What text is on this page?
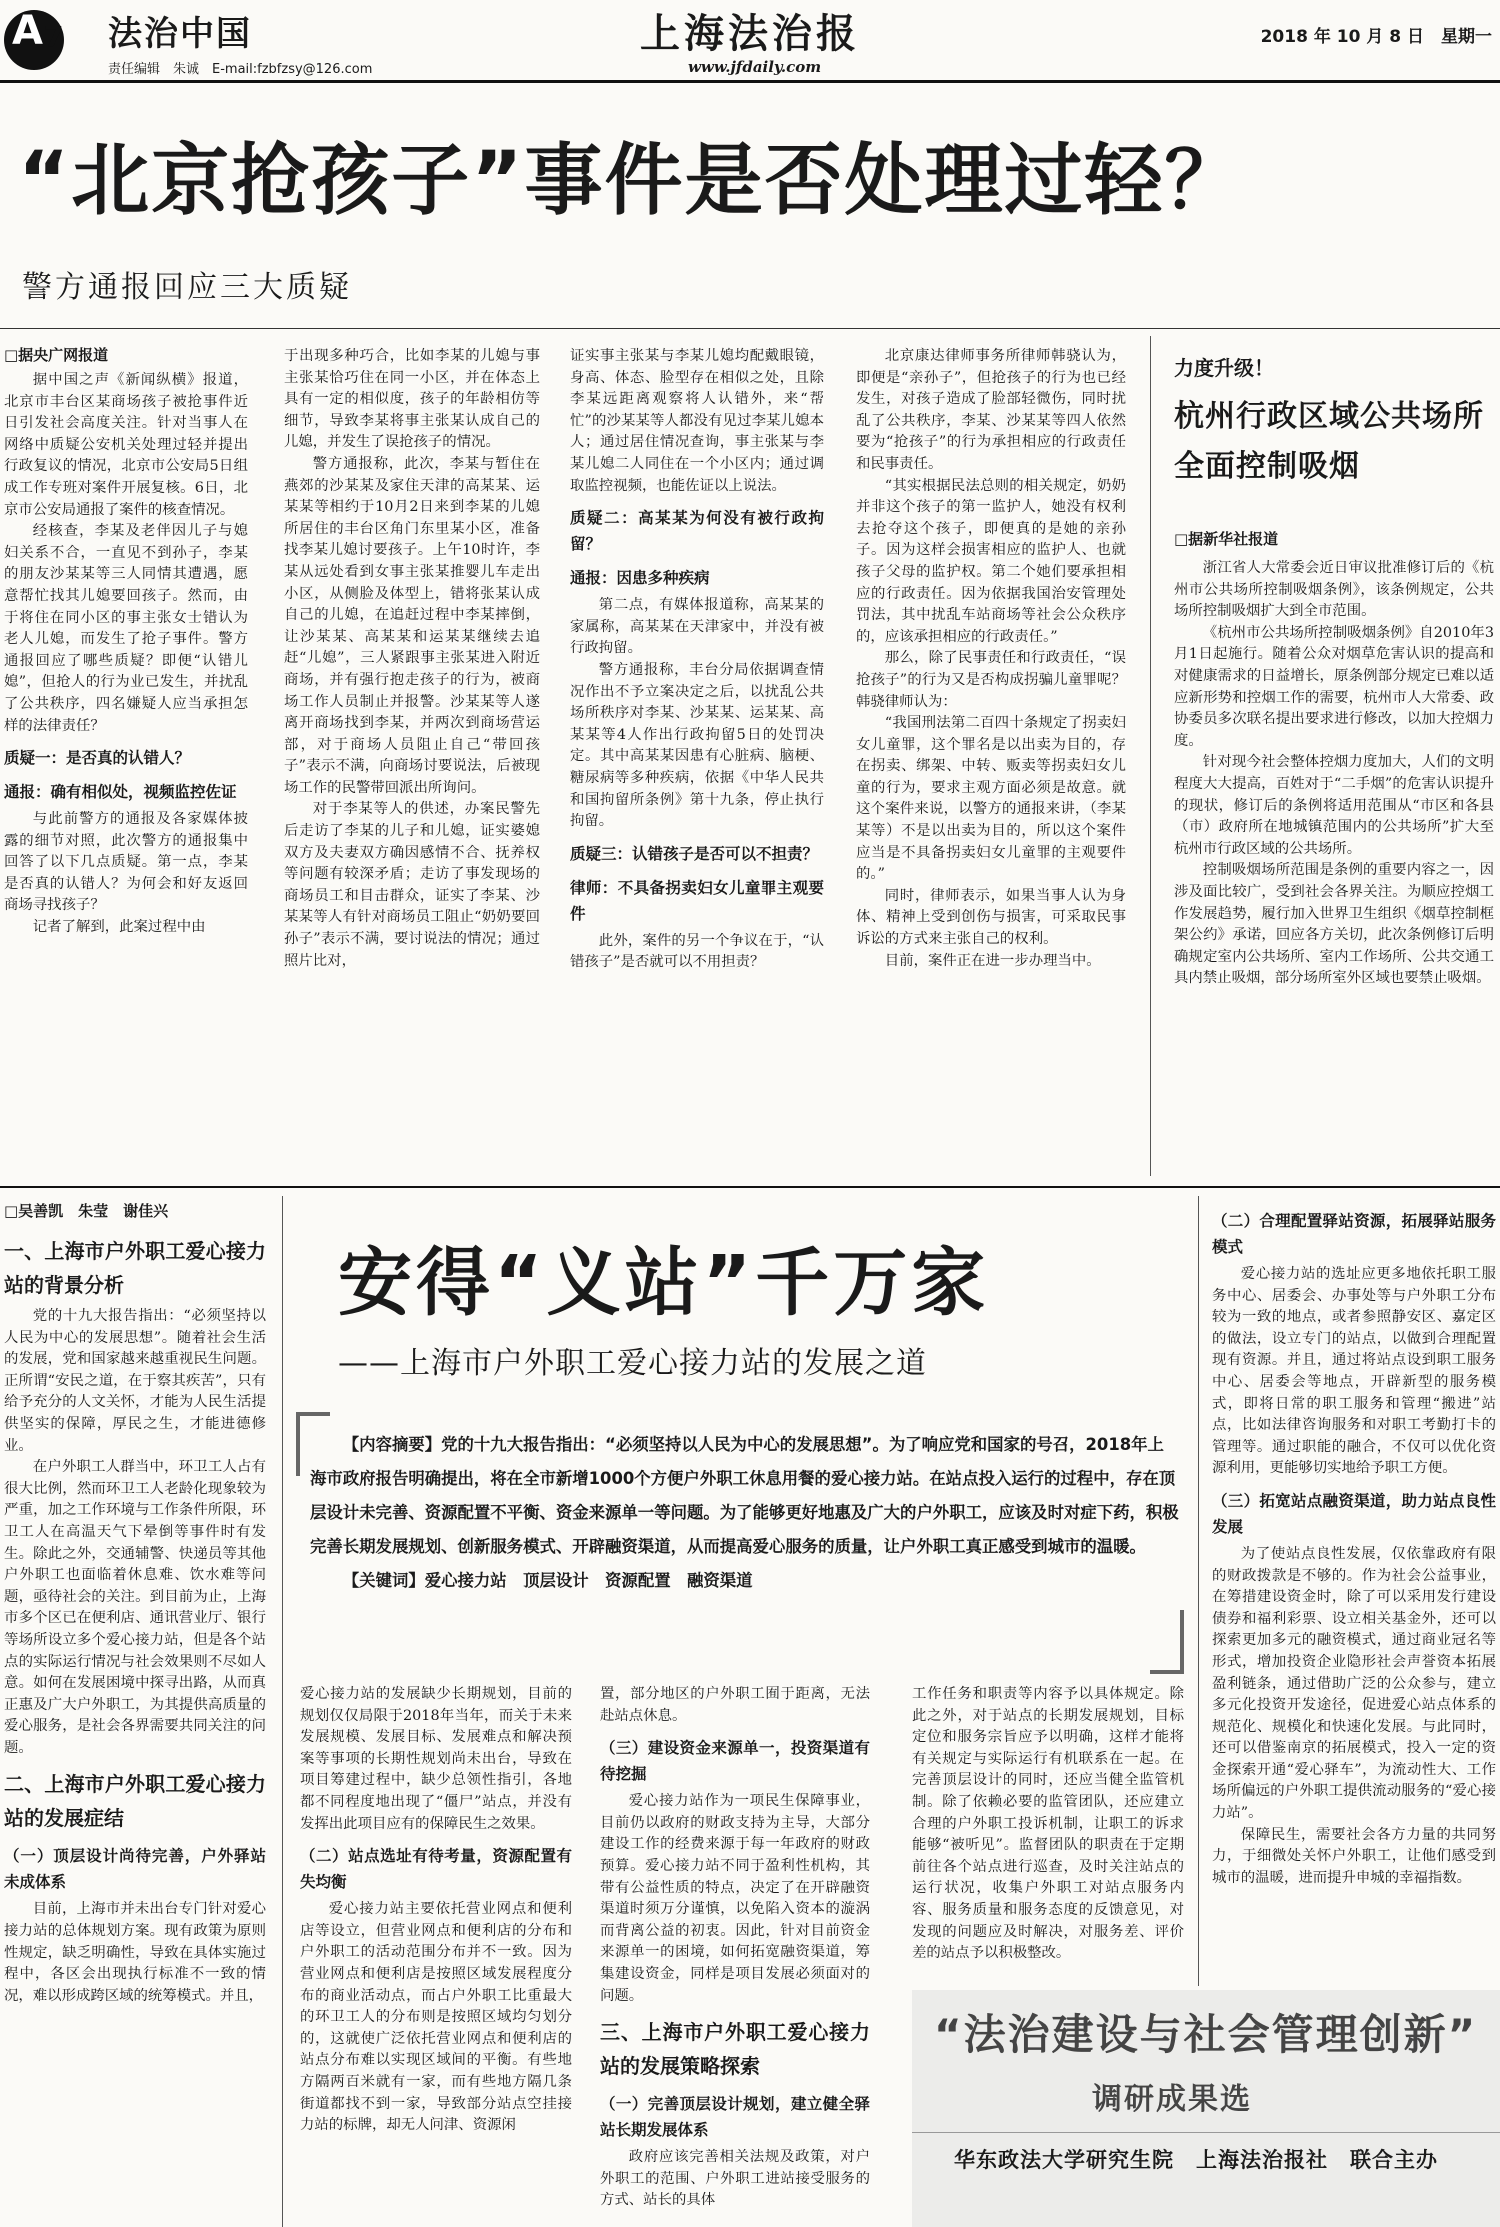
A 7 法治中国
责任编辑　朱诚　E-mail:fzbfzsy@126.com
上海法治报
www.jfdaily.com
2018 年 10 月 8 日　星期一
“北京抢孩子”事件是否处理过轻？
警方通报回应三大质疑
□据央广网报道

据中国之声《新闻纵横》报道，北京市丰台区某商场孩子被抢事件近日引发社会高度关注。针对当事人在网络中质疑公安机关处理过轻并提出行政复议的情况，北京市公安局5日组成工作专班对案件开展复核。6日，北京市公安局通报了案件的核查情况。

经核查，李某及老伴因儿子与媳妇关系不合，一直见不到孙子，李某的朋友沙某某等三人同情其遭遇，愿意帮忙找其儿媳要回孩子。然而，由于将住在同小区的事主张女士错认为老人儿媳，而发生了抢子事件。警方通报回应了哪些质疑？即便“认错儿媳”，但抢人的行为业已发生，并扰乱了公共秩序，四名嫌疑人应当承担怎样的法律责任？

质疑一：是否真的认错人？
通报：确有相似处，视频监控佐证

与此前警方的通报及各家媒体披露的细节对照，此次警方的通报集中回答了以下几点质疑。第一点，李某是否真的认错人？为何会和好友返回商场寻找孩子？

记者了解到，此案过程中由

于出现多种巧合，比如李某的儿媳与事主张某恰巧住在同一小区，并在体态上具有一定的相似度，孩子的年龄相仿等细节，导致李某将事主张某认成自己的儿媳，并发生了误抢孩子的情况。

警方通报称，此次，李某与暂住在燕郊的沙某某及家住天津的高某某、运某某等相约于10月2日来到李某的儿媳所居住的丰台区角门东里某小区，准备找李某儿媳讨要孩子。上午10时许，李某从远处看到女事主张某推婴儿车走出小区，从侧脸及体型上，错将张某认成自己的儿媳，在追赶过程中李某摔倒，让沙某某、高某某和运某某继续去追赶“儿媳”，三人紧跟事主张某进入附近商场，并有强行抱走孩子的行为，被商场工作人员制止并报警。沙某某等人遂离开商场找到李某，并两次到商场营运部，对于商场人员阻止自己“带回孩子”表示不满，向商场讨要说法，后被现场工作的民警带回派出所询问。

对于李某等人的供述，办案民警先后走访了李某的儿子和儿媳，证实婆媳双方及夫妻双方确因感情不合、抚养权等问题有较深矛盾；走访了事发现场的商场员工和目击群众，证实了李某、沙某某等人有针对商场员工阻止“奶奶要回孙子”表示不满，要讨说法的情况；通过照片比对，

证实事主张某与李某儿媳均配戴眼镜，身高、体态、脸型存在相似之处，且除李某远距离观察将人认错外，来“帮忙”的沙某某等人都没有见过李某儿媳本人；通过居住情况查询，事主张某与李某儿媳二人同住在一个小区内；通过调取监控视频，也能佐证以上说法。

质疑二：高某某为何没有被行政拘留？
通报：因患多种疾病

第二点，有媒体报道称，高某某的家属称，高某某在天津家中，并没有被行政拘留。

警方通报称，丰台分局依据调查情况作出不予立案决定之后，以扰乱公共场所秩序对李某、沙某某、运某某、高某某等4人作出行政拘留5日的处罚决定。其中高某某因患有心脏病、脑梗、糖尿病等多种疾病，依据《中华人民共和国拘留所条例》第十九条，停止执行拘留。

质疑三：认错孩子是否可以不担责？
律师：不具备拐卖妇女儿童罪主观要件

此外，案件的另一个争议在于，“认错孩子”是否就可以不用担责？

北京康达律师事务所律师韩骁认为，即便是“亲孙子”，但抢孩子的行为也已经发生，对孩子造成了脸部轻微伤，同时扰乱了公共秩序，李某、沙某某等四人依然要为“抢孩子”的行为承担相应的行政责任和民事责任。

“其实根据民法总则的相关规定，奶奶并非这个孩子的第一监护人，她没有权利去抢夺这个孩子，即便真的是她的亲孙子。因为这样会损害相应的监护人、也就孩子父母的监护权。第二个她们要承担相应的行政责任。因为依据我国治安管理处罚法，其中扰乱车站商场等社会公众秩序的，应该承担相应的行政责任。”

那么，除了民事责任和行政责任，“误抢孩子”的行为又是否构成拐骗儿童罪呢？韩骁律师认为：

“我国刑法第二百四十条规定了拐卖妇女儿童罪，这个罪名是以出卖为目的，存在拐卖、绑架、中转、贩卖等拐卖妇女儿童的行为，要求主观方面必须是故意。就这个案件来说，以警方的通报来讲，（李某某等）不是以出卖为目的，所以这个案件应当是不具备拐卖妇女儿童罪的主观要件的。”

同时，律师表示，如果当事人认为身体、精神上受到创伤与损害，可采取民事诉讼的方式来主张自己的权利。

目前，案件正在进一步办理当中。

力度升级！
杭州行政区域公共场所全面控制吸烟
□据新华社报道

浙江省人大常委会近日审议批准修订后的《杭州市公共场所控制吸烟条例》，该条例规定，公共场所控制吸烟扩大到全市范围。

《杭州市公共场所控制吸烟条例》自2010年3月1日起施行。随着公众对烟草危害认识的提高和对健康需求的日益增长，原条例部分规定已难以适应新形势和控烟工作的需要，杭州市人大常委、政协委员多次联名提出要求进行修改，以加大控烟力度。

针对现今社会整体控烟力度加大，人们的文明程度大大提高，百姓对于“二手烟”的危害认识提升的现状，修订后的条例将适用范围从“市区和各县（市）政府所在地城镇范围内的公共场所”扩大至杭州市行政区域的公共场所。

控制吸烟场所范围是条例的重要内容之一，因涉及面比较广，受到社会各界关注。为顺应控烟工作发展趋势，履行加入世界卫生组织《烟草控制框架公约》承诺，回应各方关切，此次条例修订后明确规定室内公共场所、室内工作场所、公共交通工具内禁止吸烟，部分场所室外区域也要禁止吸烟。

□吴善凯　朱莹　谢佳兴
安得“义站”千万家
——上海市户外职工爱心接力站的发展之道

【内容摘要】党的十九大报告指出：“必须坚持以人民为中心的发展思想”。为了响应党和国家的号召，2018年上海市政府报告明确提出，将在全市新增1000个方便户外职工休息用餐的爱心接力站。在站点投入运行的过程中，存在顶层设计未完善、资源配置不平衡、资金来源单一等问题。为了能够更好地惠及广大的户外职工，应该及时对症下药，积极完善长期发展规划、创新服务模式、开辟融资渠道，从而提高爱心服务的质量，让户外职工真正感受到城市的温暖。

【关键词】爱心接力站　顶层设计　资源配置　融资渠道

一、上海市户外职工爱心接力站的背景分析

党的十九大报告指出：“必须坚持以人民为中心的发展思想”。随着社会生活的发展，党和国家越来越重视民生问题。正所谓“安民之道，在于察其疾苦”，只有给予充分的人文关怀，才能为人民生活提供坚实的保障，厚民之生，才能进德修业。

在户外职工人群当中，环卫工人占有很大比例，然而环卫工人老龄化现象较为严重，加之工作环境与工作条件所限，环卫工人在高温天气下晕倒等事件时有发生。除此之外，交通辅警、快递员等其他户外职工也面临着休息难、饮水难等问题，亟待社会的关注。到目前为止，上海市多个区已在便利店、通讯营业厅、银行等场所设立多个爱心接力站，但是各个站点的实际运行情况与社会效果则不尽如人意。如何在发展困境中探寻出路，从而真正惠及广大户外职工，为其提供高质量的爱心服务，是社会各界需要共同关注的问题。

二、上海市户外职工爱心接力站的发展症结
（一）顶层设计尚待完善，户外驿站未成体系

目前，上海市并未出台专门针对爱心接力站的总体规划方案。现有政策为原则性规定，缺乏明确性，导致在具体实施过程中，各区会出现执行标准不一致的情况，难以形成跨区域的统筹模式。并且，

爱心接力站的发展缺少长期规划，目前的规划仅仅局限于2018年当年，而关于未来发展规模、发展目标、发展难点和解决预案等事项的长期性规划尚未出台，导致在项目筹建过程中，缺少总领性指引，各地都不同程度地出现了“僵尸”站点，并没有发挥出此项目应有的保障民生之效果。

（二）站点选址有待考量，资源配置有失均衡

爱心接力站主要依托营业网点和便利店等设立，但营业网点和便利店的分布和户外职工的活动范围分布并不一致。因为营业网点和便利店是按照区域发展程度分布的商业活动点，而占户外职工比重最大的环卫工人的分布则是按照区域均匀划分的，这就使广泛依托营业网点和便利店的站点分布难以实现区域间的平衡。有些地方隔两百米就有一家，而有些地方隔几条街道都找不到一家，导致部分站点空挂接力站的标牌，却无人问津、资源闲

置，部分地区的户外职工囿于距离，无法赴站点休息。

（三）建设资金来源单一，投资渠道有待挖掘

爱心接力站作为一项民生保障事业，目前仍以政府的财政支持为主导，大部分建设工作的经费来源于每一年政府的财政预算。爱心接力站不同于盈利性机构，其带有公益性质的特点，决定了在开辟融资渠道时须万分谨慎，以免陷入资本的漩涡而背离公益的初衷。因此，针对目前资金来源单一的困境，如何拓宽融资渠道，筹集建设资金，同样是项目发展必须面对的问题。

三、上海市户外职工爱心接力站的发展策略探索
（一）完善顶层设计规划，建立健全驿站长期发展体系

政府应该完善相关法规及政策，对户外职工的范围、户外职工进站接受服务的方式、站长的具体

工作任务和职责等内容予以具体规定。除此之外，对于站点的长期发展规划，目标定位和服务宗旨应予以明确，这样才能将有关规定与实际运行有机联系在一起。在完善顶层设计的同时，还应当健全监管机制。除了依赖必要的监管团队，还应建立合理的户外职工投诉机制，让职工的诉求能够“被听见”。监督团队的职责在于定期前往各个站点进行巡查，及时关注站点的运行状况，收集户外职工对站点服务内容、服务质量和服务态度的反馈意见，对发现的问题应及时解决，对服务差、评价差的站点予以积极整改。

（二）合理配置驿站资源，拓展驿站服务模式

爱心接力站的选址应更多地依托职工服务中心、居委会、办事处等与户外职工分布较为一致的地点，或者参照静安区、嘉定区的做法，设立专门的站点，以做到合理配置现有资源。并且，通过将站点设到职工服务中心、居委会等地点，开辟新型的服务模式，即将日常的职工服务和管理“搬进”站点，比如法律咨询服务和对职工考勤打卡的管理等。通过职能的融合，不仅可以优化资源利用，更能够切实地给予职工方便。

（三）拓宽站点融资渠道，助力站点良性发展

为了使站点良性发展，仅依靠政府有限的财政拨款是不够的。作为社会公益事业，在筹措建设资金时，除了可以采用发行建设债券和福利彩票、设立相关基金外，还可以探索更加多元的融资模式，通过商业冠名等形式，增加投资企业隐形社会声誉资本拓展盈利链条，通过借助广泛的公众参与，建立多元化投资开发途径，促进爱心站点体系的规范化、规模化和快速化发展。与此同时，还可以借鉴南京的拓展模式，投入一定的资金探索开通“爱心驿车”，为流动性大、工作场所偏远的户外职工提供流动服务的“爱心接力站”。

保障民生，需要社会各方力量的共同努力，于细微处关怀户外职工，让他们感受到城市的温暖，进而提升申城的幸福指数。

“法治建设与社会管理创新”
调研成果选
华东政法大学研究生院　上海法治报社　联合主办
